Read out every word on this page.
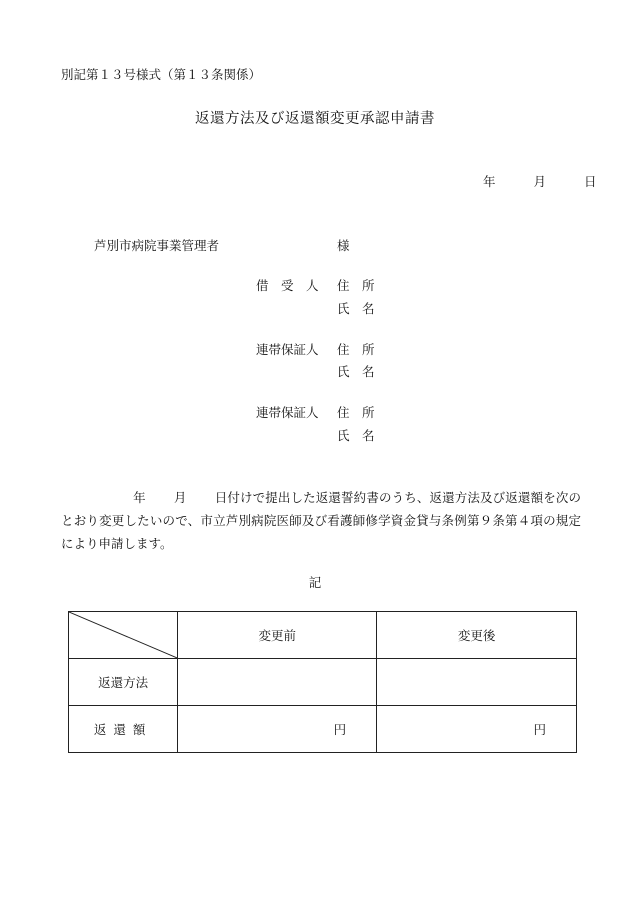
別記第１３号様式（第１３条関係）
返還方法及び返還額変更承認申請書
年	月	日
芦別市病院事業管理者	様
借　受　人 住　所
氏　名
連帯保証人 住　所
氏　名
連帯保証人 住　所
氏　名
年 月 日付けで提出した返還誓約書のうち、返還方法及び返還額を次のとおり変更したいので、市立芦別病院医師及び看護師修学資金貸与条例第９条第４項の規定により申請します。
記
	変更前	変更後
返還方法		
返還額	円	円
